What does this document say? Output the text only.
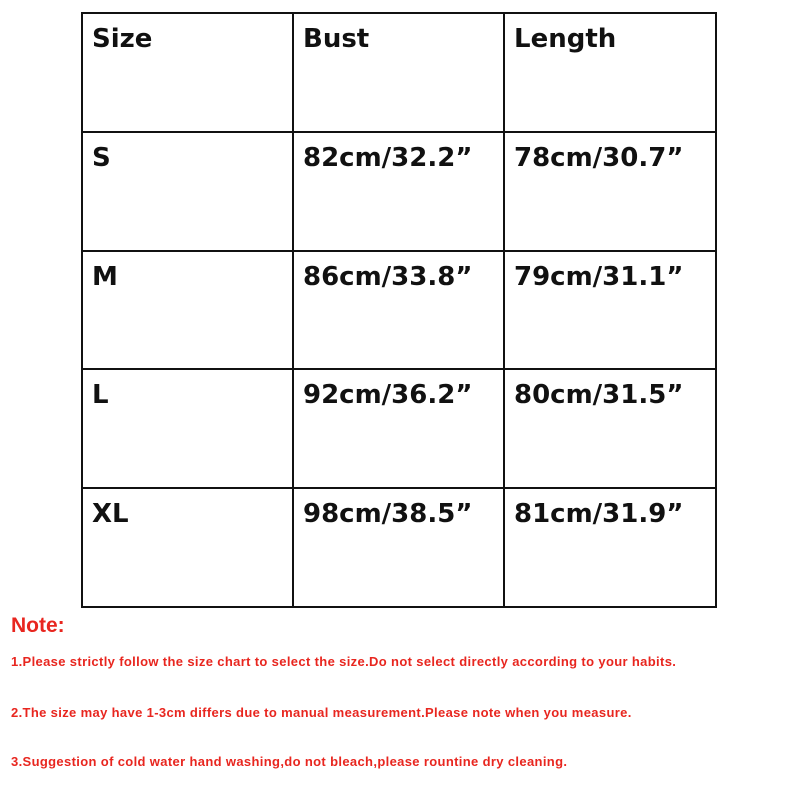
Size	Bust	Length
S	82cm/32.2”	78cm/30.7”
M	86cm/33.8”	79cm/31.1”
L	92cm/36.2”	80cm/31.5”
XL	98cm/38.5”	81cm/31.9”

Note:

1.Please strictly follow the size chart to select the size.Do not select directly according to your habits.

2.The size may have 1-3cm differs due to manual measurement.Please note when you measure.

3.Suggestion of cold water hand washing,do not bleach,please rountine dry cleaning.
